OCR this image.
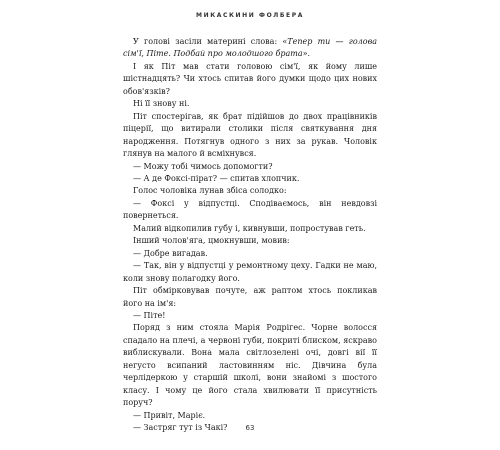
МИКАСКИНИ ФОЛБЕРА

У голові засіли материні слова: «Тепер ти — голова сім'ї, Піте. Подбай про молодшого брата».

І як Піт мав стати головою сім'ї, як йому лише шістнадцять? Чи хтось спитав його думки щодо цих нових обов'язків?

Ні її знову ні.

Піт спостерігав, як брат підійшов до двох працівників піцерії, що витирали столики після святкування дня народження. Потягнув одного з них за рукав. Чоловік глянув на малого й всміхнувся.

— Можу тобі чимось допомогти?

— А де Фоксі-пірат? — спитав хлопчик.

Голос чоловіка лунав збіса солодко:

— Фоксі у відпустці. Сподіваємось, він невдовзі повернеться.

Малий відкопилив губу і, кивнувши, попростував геть.

Інший чолов'яга, цмокнувши, мовив:

— Добре вигадав.

— Так, він у відпустці у ремонтному цеху. Гадки не маю, коли знову полагодку його.

Піт обмірковував почуте, аж раптом хтось покликав його на ім'я:

— Піте!

Поряд з ним стояла Марія Родрігес. Чорне волосся спадало на плечі, а червоні губи, покриті блиском, яскраво виблискували. Вона мала світлозелені очі, довгі вії її негусто всипаний ластовинням ніс. Дівчина була черлідеркою у старшій школі, вони знайомі з шостого класу. І чому це його стала хвилювати її присутність поруч?

— Привіт, Маріє.

— Застряг тут із Чакі?	63
